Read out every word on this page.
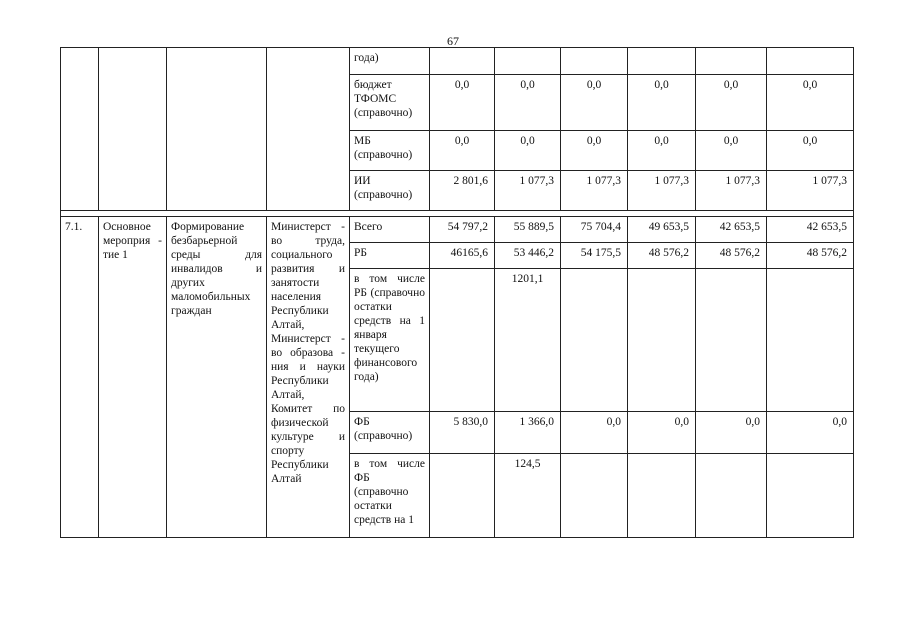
67
				года)						
				бюджет ТФОМС (справочно)	0,0	0,0	0,0	0,0	0,0	0,0
				МБ (справочно)	0,0	0,0	0,0	0,0	0,0	0,0
				ИИ (справочно)	2 801,6	1 077,3	1 077,3	1 077,3	1 077,3	1 077,3

7.1.	Основное мероприя - тие 1	Формирование безбарьерной среды для инвалидов и других маломобильных граждан	Министерст - во труда, социального развития и занятости населения Республики Алтай, Министерст - во образова - ния и науки Республики Алтай, Комитет по физической культуре и спорту Республики Алтай	Всего	54 797,2	55 889,5	75 704,4	49 653,5	42 653,5	42 653,5
				РБ	46165,6	53 446,2	54 175,5	48 576,2	48 576,2	48 576,2
				в том числе РБ (справочно остатки средств на 1 января текущего финансового года)		1201,1				
				ФБ (справочно)	5 830,0	1 366,0	0,0	0,0	0,0	0,0
				в том числе ФБ (справочно остатки средств на 1		124,5				
